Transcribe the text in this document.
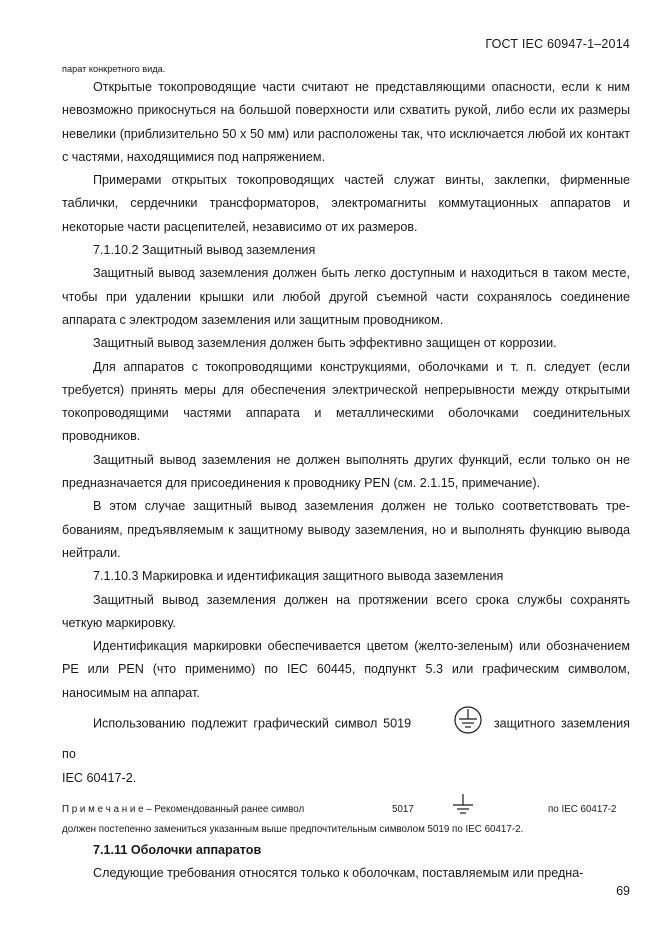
ГОСТ IEC 60947-1–2014

парат конкретного вида.

Открытые токопроводящие части считают не представляющими опасности, если к ним невозможно прикоснуться на большой поверхности или схватить рукой, либо если их размеры невелики (приблизительно 50 х 50 мм) или расположены так, что исключается любой их контакт с частями, находящимися под напряжением.

Примерами открытых токопроводящих частей служат винты, заклепки, фирменные таблички, сердечники трансформаторов, электромагниты коммутационных аппаратов и некоторые части расцепителей, независимо от их размеров.

7.1.10.2 Защитный вывод заземления

Защитный вывод заземления должен быть легко доступным и находиться в таком месте, чтобы при удалении крышки или любой другой съемной части сохранялось соединение аппарата с электродом заземления или защитным проводником.

Защитный вывод заземления должен быть эффективно защищен от коррозии.

Для аппаратов с токопроводящими конструкциями, оболочками и т. п. следует (если требуется) принять меры для обеспечения электрической непрерывности между открытыми токопроводящими частями аппарата и металлическими оболочками соединительных проводников.

Защитный вывод заземления не должен выполнять других функций, если только он не предназначается для присоединения к проводнику PEN (см. 2.1.15, примечание).

В этом случае защитный вывод заземления должен не только соответствовать требованиям, предъявляемым к защитному выводу заземления, но и выполнять функцию вывода нейтрали.

7.1.10.3 Маркировка и идентификация защитного вывода заземления

Защитный вывод заземления должен на протяжении всего срока службы сохранять четкую маркировку.

Идентификация маркировки обеспечивается цветом (желто-зеленым) или обозначением PE или PEN (что применимо) по IEC 60445, подпункт 5.3 или графическим символом, наносимым на аппарат.

Использованию подлежит графический символ 5019	защитного заземления по

IEC 60417-2.

П р и м е ч а н и е – Рекомендованный ранее символ	5017	по IEC 60417-2

должен постепенно замениться указанным выше предпочтительным символом 5019 по IEC 60417-2.

7.1.11 Оболочки аппаратов

Следующие требования относятся только к оболочкам, поставляемым или предна-

69
